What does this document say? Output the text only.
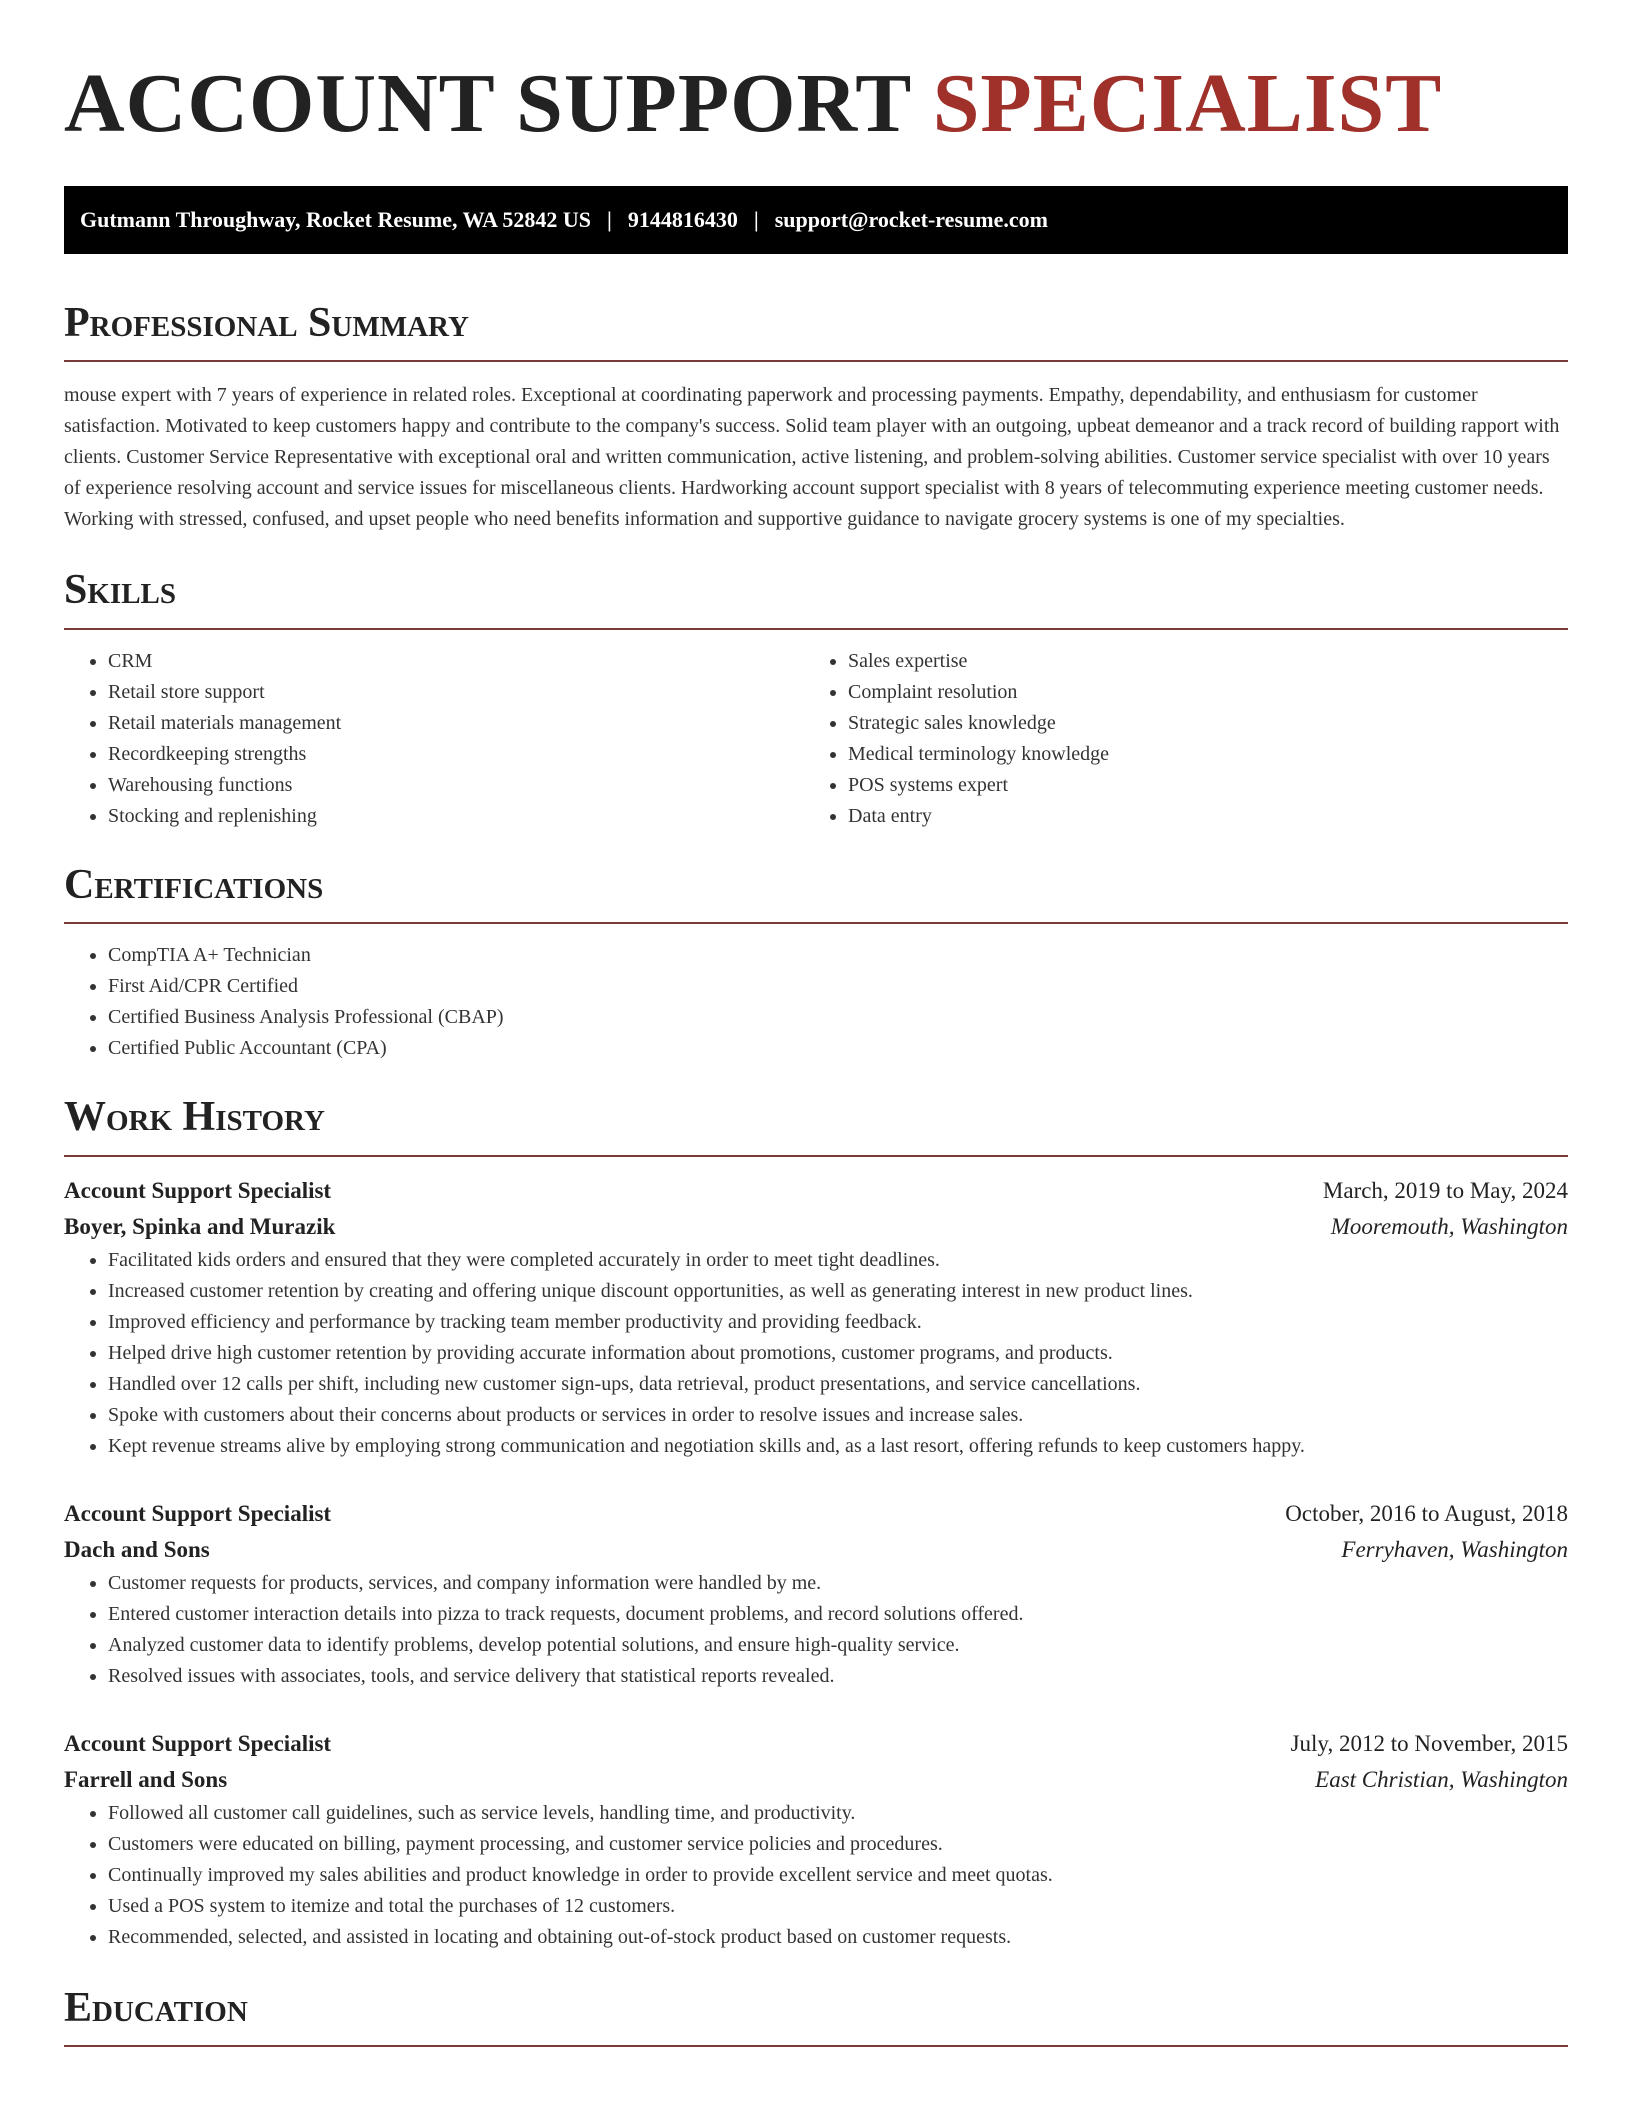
ACCOUNT SUPPORT SPECIALIST
Gutmann Throughway, Rocket Resume, WA 52842 US | 9144816430 | support@rocket-resume.com
Professional Summary

mouse expert with 7 years of experience in related roles. Exceptional at coordinating paperwork and processing payments. Empathy, dependability, and enthusiasm for customer satisfaction. Motivated to keep customers happy and contribute to the company's success. Solid team player with an outgoing, upbeat demeanor and a track record of building rapport with clients. Customer Service Representative with exceptional oral and written communication, active listening, and problem-solving abilities. Customer service specialist with over 10 years of experience resolving account and service issues for miscellaneous clients. Hardworking account support specialist with 8 years of telecommuting experience meeting customer needs. Working with stressed, confused, and upset people who need benefits information and supportive guidance to navigate grocery systems is one of my specialties.

Skills
• CRM
• Retail store support
• Retail materials management
• Recordkeeping strengths
• Warehousing functions
• Stocking and replenishing
• Sales expertise
• Complaint resolution
• Strategic sales knowledge
• Medical terminology knowledge
• POS systems expert
• Data entry
Certifications
• CompTIA A+ Technician
• First Aid/CPR Certified
• Certified Business Analysis Professional (CBAP)
• Certified Public Accountant (CPA)
Work History
Account Support Specialist	March, 2019 to May, 2024
Boyer, Spinka and Murazik	Mooremouth, Washington
• Facilitated kids orders and ensured that they were completed accurately in order to meet tight deadlines.
• Increased customer retention by creating and offering unique discount opportunities, as well as generating interest in new product lines.
• Improved efficiency and performance by tracking team member productivity and providing feedback.
• Helped drive high customer retention by providing accurate information about promotions, customer programs, and products.
• Handled over 12 calls per shift, including new customer sign-ups, data retrieval, product presentations, and service cancellations.
• Spoke with customers about their concerns about products or services in order to resolve issues and increase sales.
• Kept revenue streams alive by employing strong communication and negotiation skills and, as a last resort, offering refunds to keep customers happy.
Account Support Specialist	October, 2016 to August, 2018
Dach and Sons	Ferryhaven, Washington
• Customer requests for products, services, and company information were handled by me.
• Entered customer interaction details into pizza to track requests, document problems, and record solutions offered.
• Analyzed customer data to identify problems, develop potential solutions, and ensure high-quality service.
• Resolved issues with associates, tools, and service delivery that statistical reports revealed.
Account Support Specialist	July, 2012 to November, 2015
Farrell and Sons	East Christian, Washington
• Followed all customer call guidelines, such as service levels, handling time, and productivity.
• Customers were educated on billing, payment processing, and customer service policies and procedures.
• Continually improved my sales abilities and product knowledge in order to provide excellent service and meet quotas.
• Used a POS system to itemize and total the purchases of 12 customers.
• Recommended, selected, and assisted in locating and obtaining out-of-stock product based on customer requests.
Education
